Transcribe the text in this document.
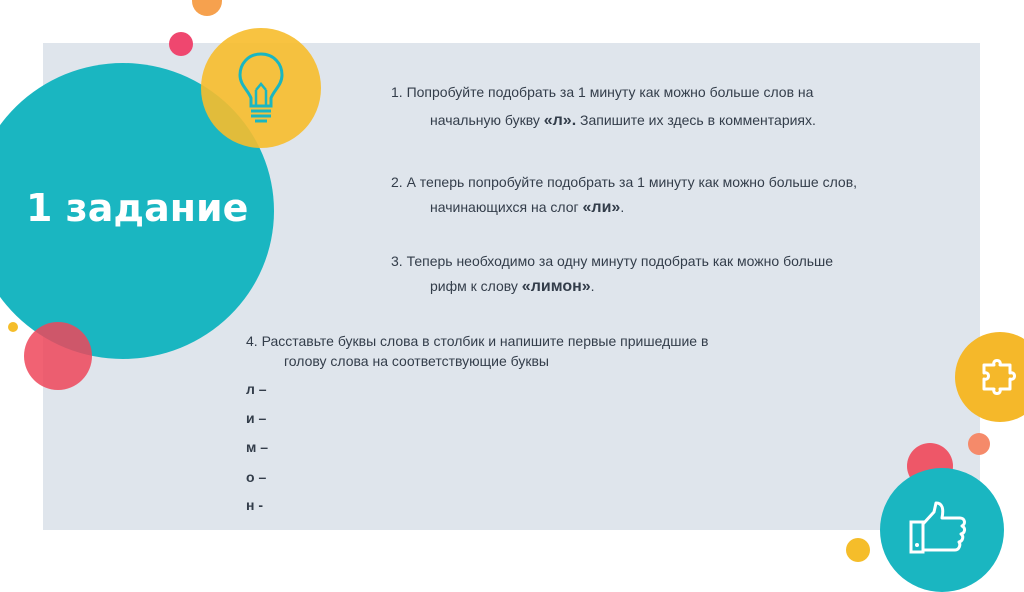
1 задание
1. Попробуйте подобрать за 1 минуту как можно больше слов на
начальную букву «л». Запишите их здесь в комментариях.
2. А теперь попробуйте подобрать за 1 минуту как можно больше слов,
начинающихся на слог «ли».
3. Теперь необходимо за одну минуту подобрать как можно больше
рифм к слову «лимон».
4. Расставьте буквы слова в столбик и напишите первые пришедшие в
голову слова на соответствующие буквы
л –
и –
м –
о –
н -
